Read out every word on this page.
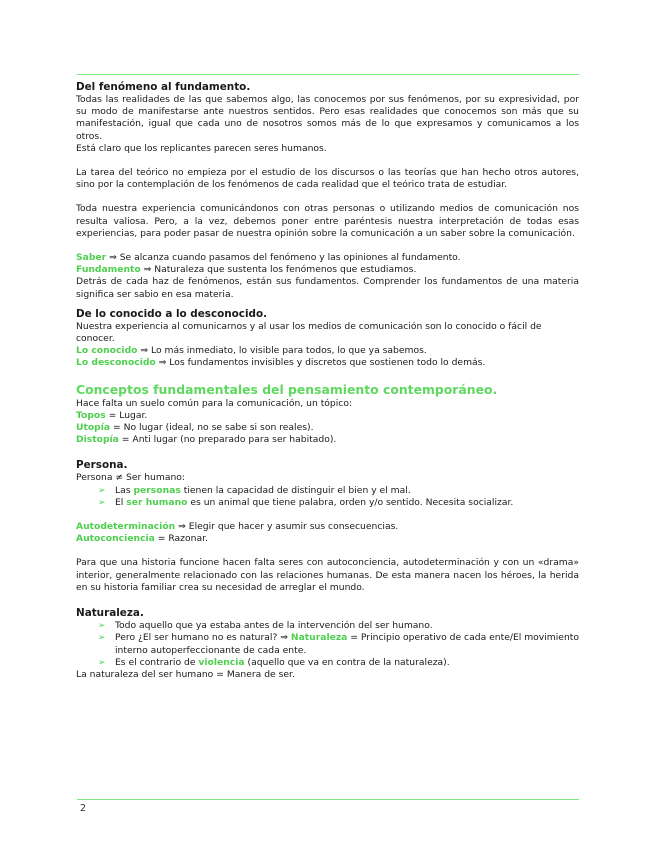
Del fenómeno al fundamento.

Todas las realidades de las que sabemos algo, las conocemos por sus fenómenos, por su expresividad, por su modo de manifestarse ante nuestros sentidos. Pero esas realidades que conocemos son más que su manifestación, igual que cada uno de nosotros somos más de lo que expresamos y comunicamos a los otros.

Está claro que los replicantes parecen seres humanos.

La tarea del teórico no empieza por el estudio de los discursos o las teorías que han hecho otros autores, sino por la contemplación de los fenómenos de cada realidad que el teórico trata de estudiar.

Toda nuestra experiencia comunicándonos con otras personas o utilizando medios de comunicación nos resulta valiosa. Pero, a la vez, debemos poner entre paréntesis nuestra interpretación de todas esas experiencias, para poder pasar de nuestra opinión sobre la comunicación a un saber sobre la comunicación.

Saber ⇒ Se alcanza cuando pasamos del fenómeno y las opiniones al fundamento.

Fundamento ⇒ Naturaleza que sustenta los fenómenos que estudiamos.

Detrás de cada haz de fenómenos, están sus fundamentos. Comprender los fundamentos de una materia significa ser sabio en esa materia.

De lo conocido a lo desconocido.

Nuestra experiencia al comunicarnos y al usar los medios de comunicación son lo conocido o fácil de conocer.

Lo conocido ⇒ Lo más inmediato, lo visible para todos, lo que ya sabemos.

Lo desconocido ⇒ Los fundamentos invisibles y discretos que sostienen todo lo demás.

Conceptos fundamentales del pensamiento contemporáneo.

Hace falta un suelo común para la comunicación, un tópico:

Topos = Lugar.

Utopía = No lugar (ideal, no se sabe si son reales).

Distopía = Anti lugar (no preparado para ser habitado).

Persona.

Persona ≠ Ser humano:

➢ Las personas tienen la capacidad de distinguir el bien y el mal.
➢ El ser humano es un animal que tiene palabra, orden y/o sentido. Necesita socializar.

Autodeterminación ⇒ Elegir que hacer y asumir sus consecuencias.

Autoconciencia = Razonar.

Para que una historia funcione hacen falta seres con autoconciencia, autodeterminación y con un «drama» interior, generalmente relacionado con las relaciones humanas. De esta manera nacen los héroes, la herida en su historia familiar crea su necesidad de arreglar el mundo.

Naturaleza.

➢ Todo aquello que ya estaba antes de la intervención del ser humano.
➢ Pero ¿El ser humano no es natural? ⇒ Naturaleza = Principio operativo de cada ente/El movimiento interno autoperfeccionante de cada ente.
➢ Es el contrario de violencia (aquello que va en contra de la naturaleza).

La naturaleza del ser humano = Manera de ser.

2
